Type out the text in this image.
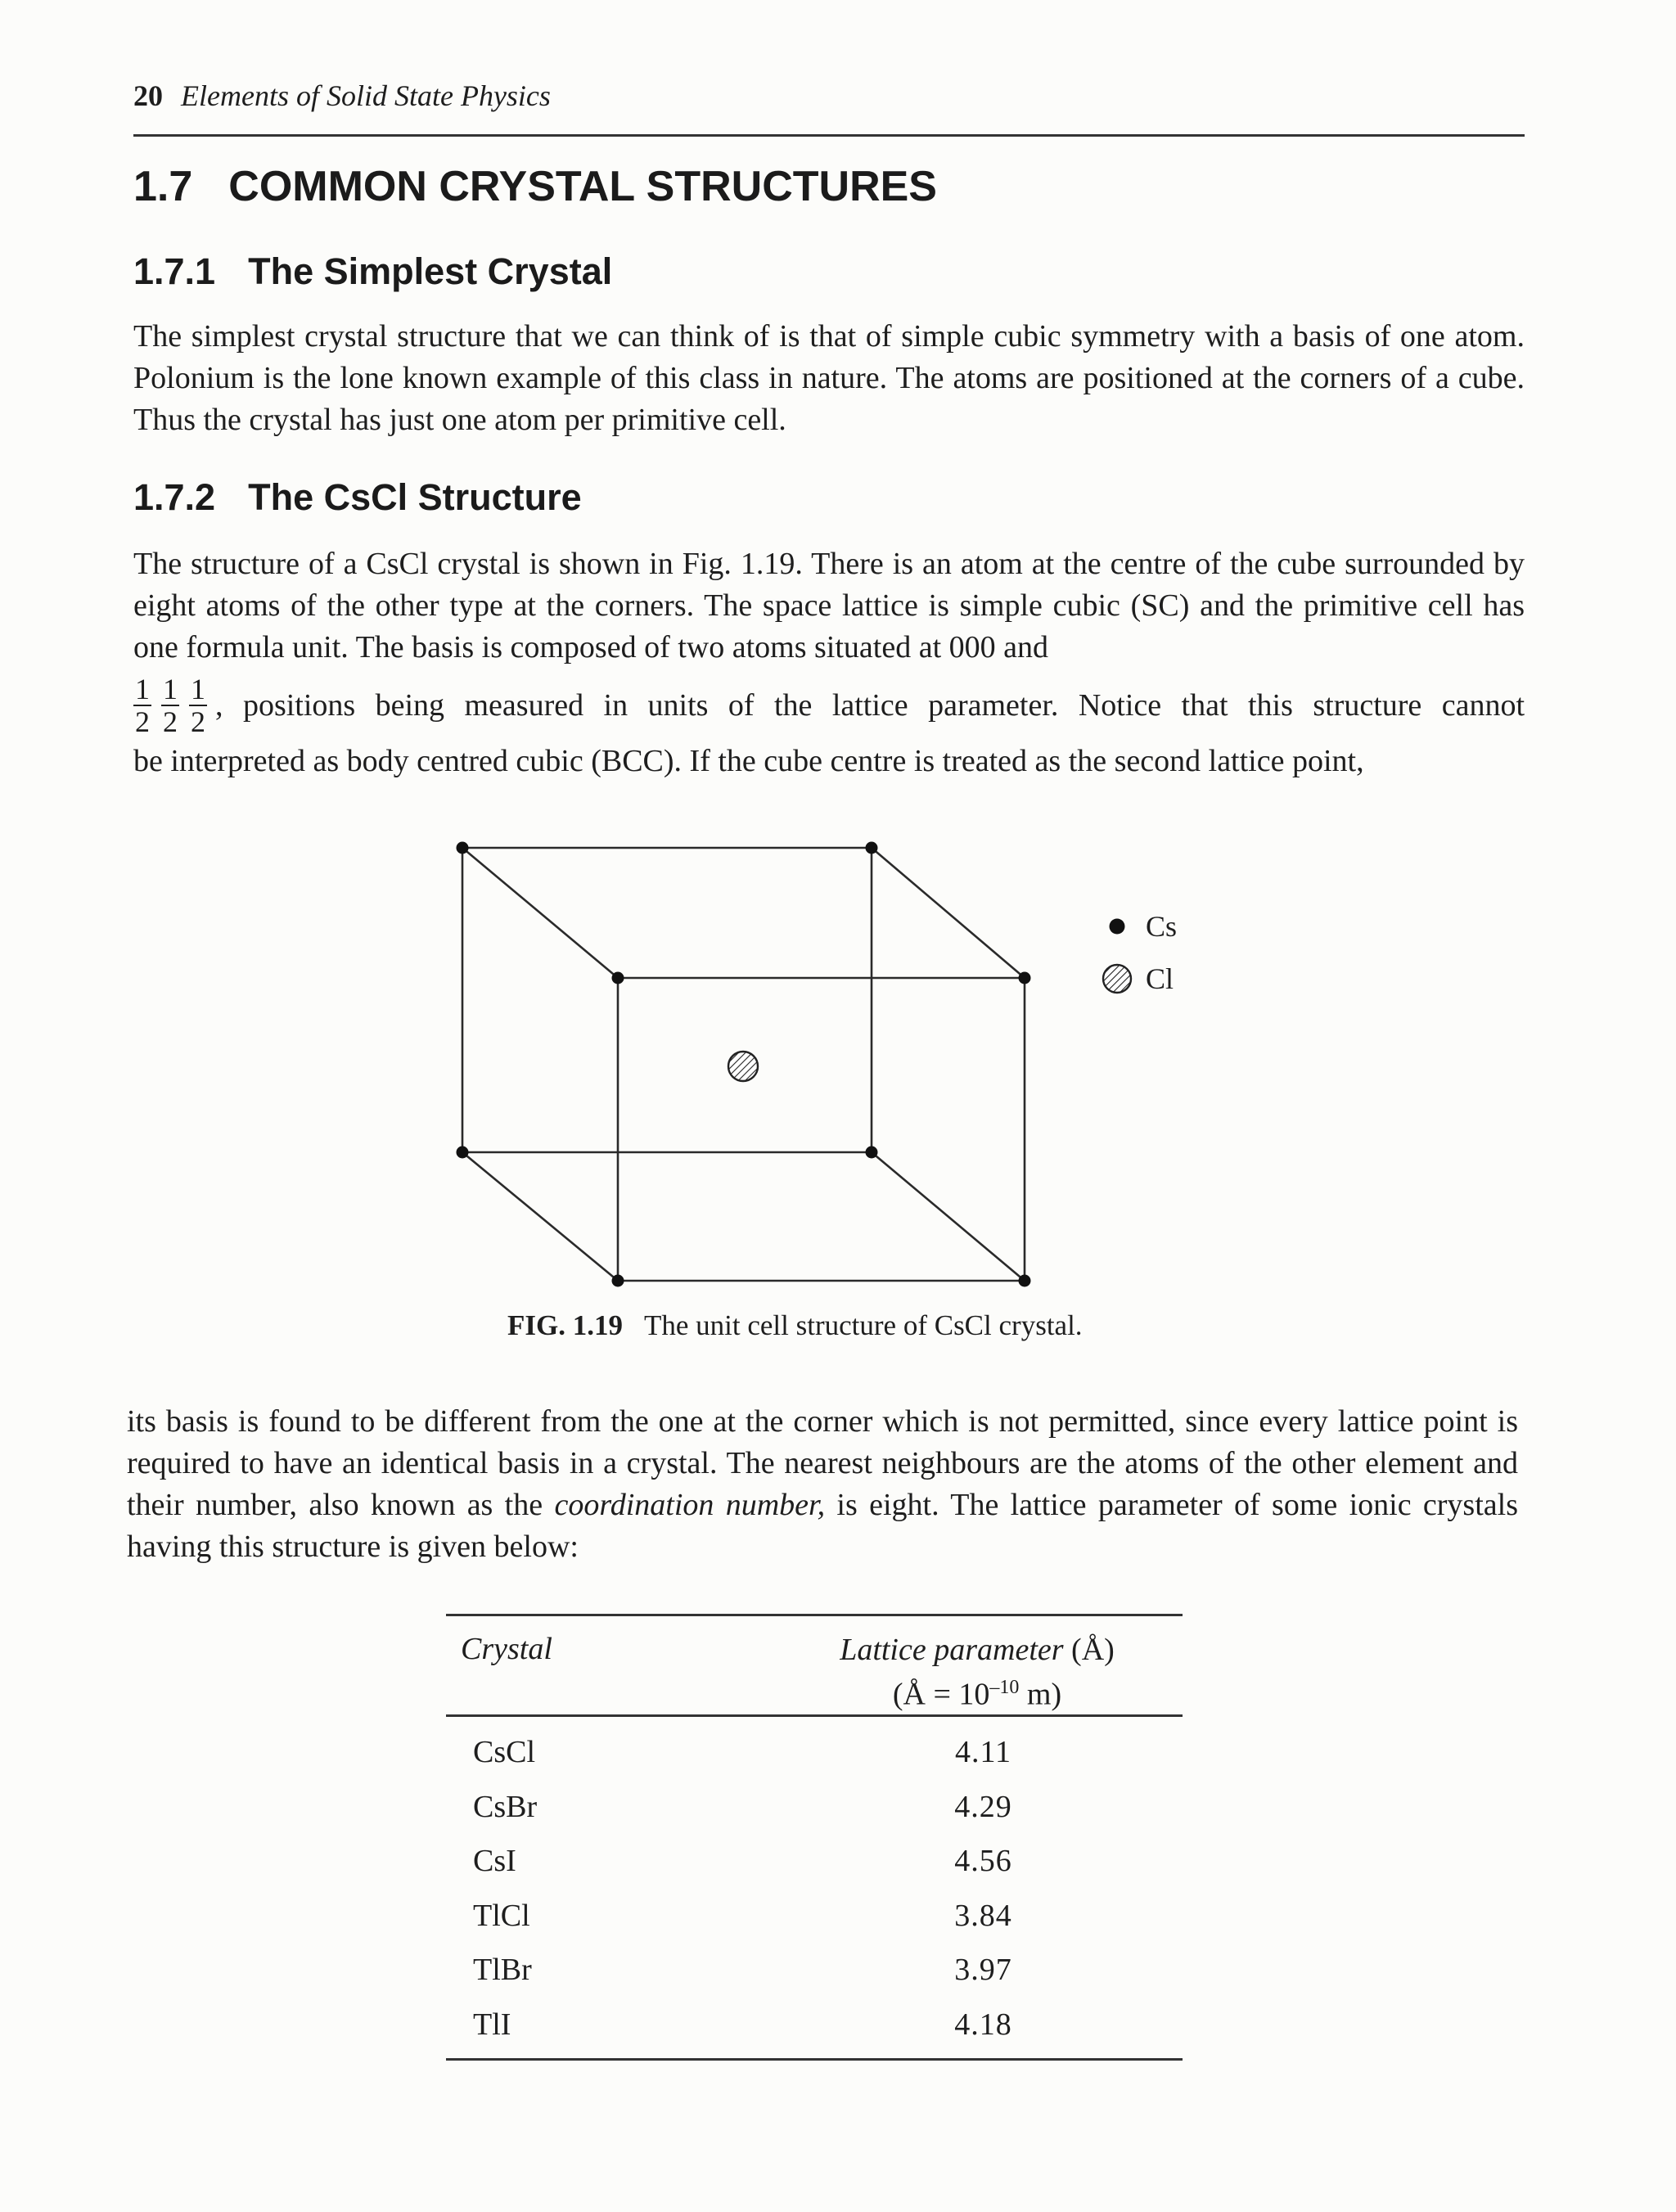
20 Elements of Solid State Physics
1.7 COMMON CRYSTAL STRUCTURES
1.7.1 The Simplest Crystal

The simplest crystal structure that we can think of is that of simple cubic symmetry with a basis of one atom. Polonium is the lone known example of this class in nature. The atoms are positioned at the corners of a cube. Thus the crystal has just one atom per primitive cell.

1.7.2 The CsCl Structure

The structure of a CsCl crystal is shown in Fig. 1.19. There is an atom at the centre of the cube surrounded by eight atoms of the other type at the corners. The space lattice is simple cubic (SC) and the primitive cell has one formula unit. The basis is composed of two atoms situated at 000 and

$\frac{1}{2} \frac{1}{2} \frac{1}{2}$ , positions being measured in units of the lattice parameter. Notice that this structure cannot

be interpreted as body centred cubic (BCC). If the cube centre is treated as the second lattice point,

Cs
Cl
FIG. 1.19 The unit cell structure of CsCl crystal.

its basis is found to be different from the one at the corner which is not permitted, since every lattice point is required to have an identical basis in a crystal. The nearest neighbours are the atoms of the other element and their number, also known as the coordination number, is eight. The lattice parameter of some ionic crystals having this structure is given below:

Crystal	Lattice parameter (Å)
(Å = $10^{-10}$ m)
CsCl	4.11
CsBr	4.29
CsI	4.56
TlCl	3.84
TlBr	3.97
TlI	4.18
